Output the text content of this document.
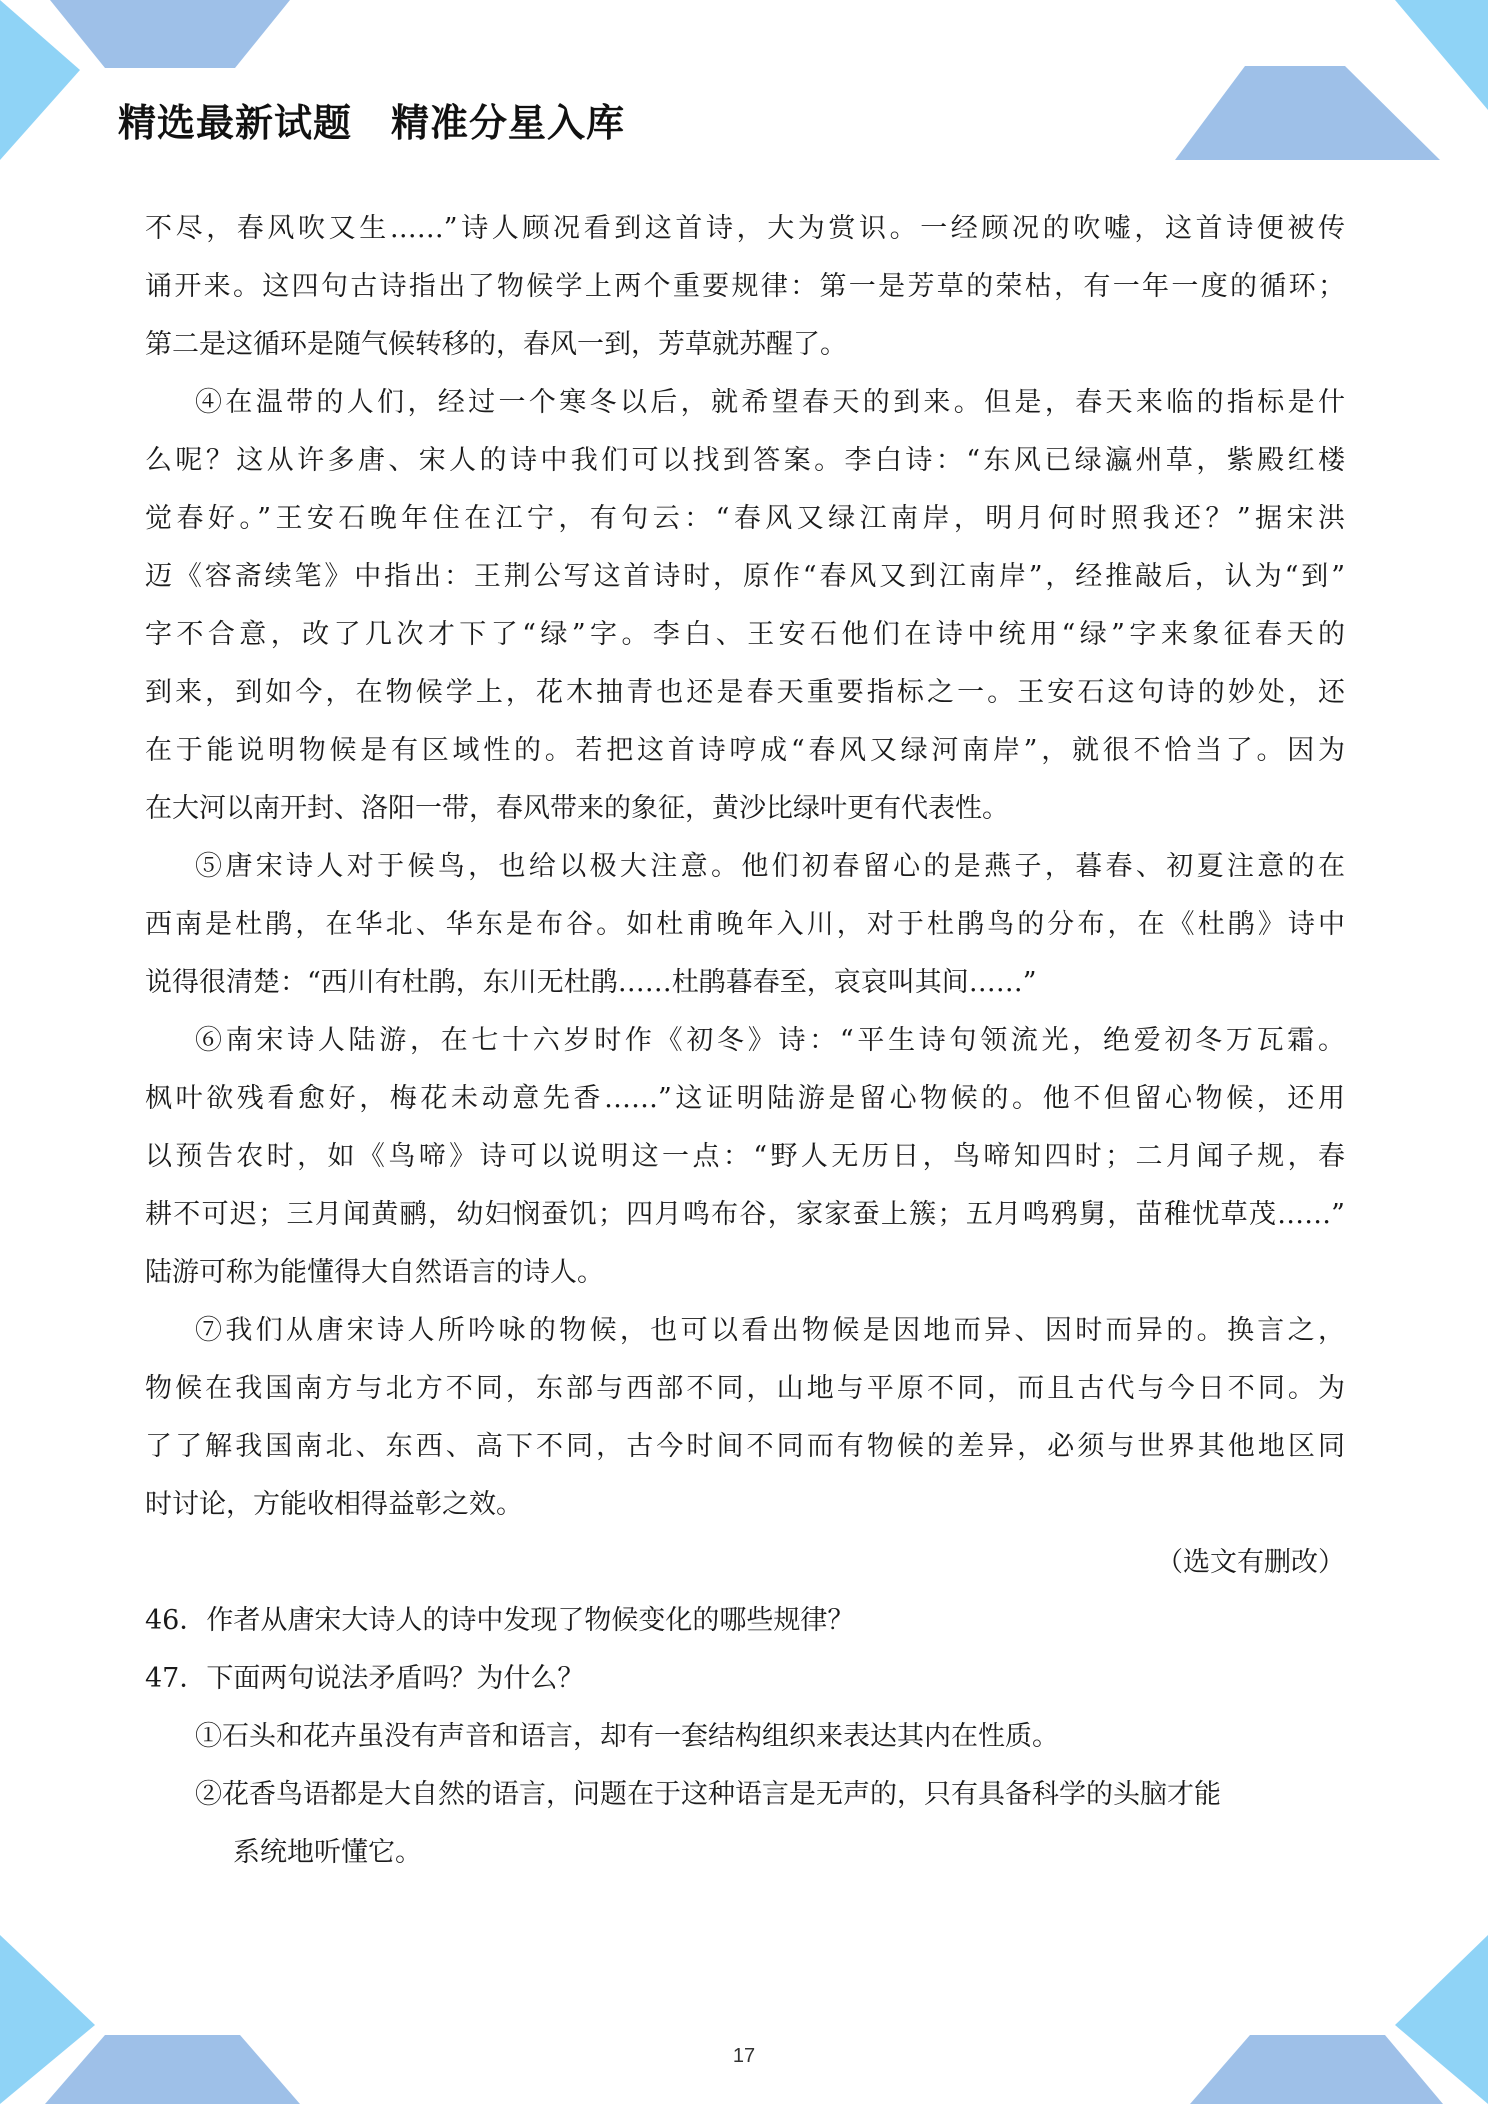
精选最新试题　精准分星入库
不尽，春风吹又生……”诗人顾况看到这首诗，大为赏识。一经顾况的吹嘘，这首诗便被传
诵开来。这四句古诗指出了物候学上两个重要规律：第一是芳草的荣枯，有一年一度的循环；
第二是这循环是随气候转移的，春风一到，芳草就苏醒了。
④在温带的人们，经过一个寒冬以后，就希望春天的到来。但是，春天来临的指标是什
么呢？这从许多唐、宋人的诗中我们可以找到答案。李白诗：“东风已绿瀛州草，紫殿红楼
觉春好。”王安石晚年住在江宁，有句云：“春风又绿江南岸，明月何时照我还？”据宋洪
迈《容斋续笔》中指出：王荆公写这首诗时，原作“春风又到江南岸”，经推敲后，认为“到”
字不合意，改了几次才下了“绿”字。李白、王安石他们在诗中统用“绿”字来象征春天的
到来，到如今，在物候学上，花木抽青也还是春天重要指标之一。王安石这句诗的妙处，还
在于能说明物候是有区域性的。若把这首诗哼成“春风又绿河南岸”，就很不恰当了。因为
在大河以南开封、洛阳一带，春风带来的象征，黄沙比绿叶更有代表性。
⑤唐宋诗人对于候鸟，也给以极大注意。他们初春留心的是燕子，暮春、初夏注意的在
西南是杜鹃，在华北、华东是布谷。如杜甫晚年入川，对于杜鹃鸟的分布，在《杜鹃》诗中
说得很清楚：“西川有杜鹃，东川无杜鹃……杜鹃暮春至，哀哀叫其间……”
⑥南宋诗人陆游，在七十六岁时作《初冬》诗：“平生诗句领流光，绝爱初冬万瓦霜。
枫叶欲残看愈好，梅花未动意先香……”这证明陆游是留心物候的。他不但留心物候，还用
以预告农时，如《鸟啼》诗可以说明这一点：“野人无历日，鸟啼知四时；二月闻子规，春
耕不可迟；三月闻黄鹂，幼妇悯蚕饥；四月鸣布谷，家家蚕上簇；五月鸣鸦舅，苗稚忧草茂……”
陆游可称为能懂得大自然语言的诗人。
⑦我们从唐宋诗人所吟咏的物候，也可以看出物候是因地而异、因时而异的。换言之，
物候在我国南方与北方不同，东部与西部不同，山地与平原不同，而且古代与今日不同。为
了了解我国南北、东西、高下不同，古今时间不同而有物候的差异，必须与世界其他地区同
时讨论，方能收相得益彰之效。
（选文有删改）
46．作者从唐宋大诗人的诗中发现了物候变化的哪些规律？
47．下面两句说法矛盾吗？为什么？
①石头和花卉虽没有声音和语言，却有一套结构组织来表达其内在性质。
②花香鸟语都是大自然的语言，问题在于这种语言是无声的，只有具备科学的头脑才能
系统地听懂它。
17
